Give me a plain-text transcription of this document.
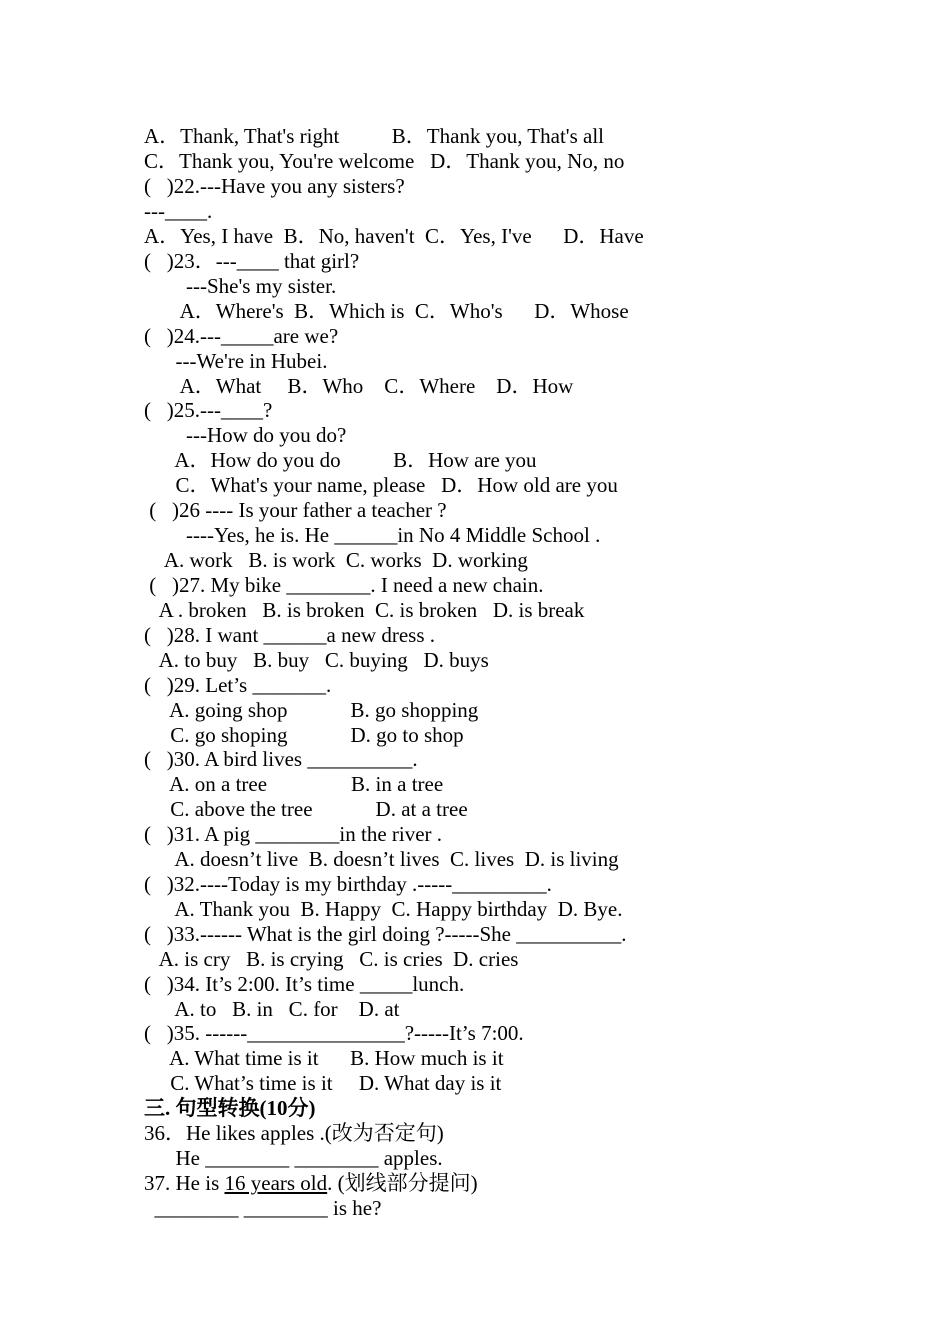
A．Thank, That's right          B．Thank you, That's all
C．Thank you, You're welcome   D．Thank you, No, no
(   )22.---Have you any sisters?
---____.
A．Yes, I have  B．No, haven't  C．Yes, I've      D．Have
(   )23．---____ that girl?
---She's my sister.
A．Where's  B．Which is  C．Who's      D．Whose
(   )24.---_____are we?
---We're in Hubei.
A．What     B．Who    C．Where    D．How
(   )25.---____?
---How do you do?
A．How do you do          B．How are you
C．What's your name, please   D．How old are you
(   )26 ---- Is your father a teacher ?
----Yes, he is. He ______in No 4 Middle School .
A. work   B. is work  C. works  D. working
(   )27. My bike ________. I need a new chain.
A . broken   B. is broken  C. is broken   D. is break
(   )28. I want ______a new dress .
A. to buy   B. buy   C. buying   D. buys
(   )29. Let’s _______.
A. going shop            B. go shopping
C. go shoping            D. go to shop
(   )30. A bird lives __________.
A. on a tree                B. in a tree
C. above the tree            D. at a tree
(   )31. A pig ________in the river .
A. doesn’t live  B. doesn’t lives  C. lives  D. is living
(   )32.----Today is my birthday .-----_________.
A. Thank you  B. Happy  C. Happy birthday  D. Bye.
(   )33.------ What is the girl doing ?-----She __________.
A. is cry   B. is crying   C. is cries  D. cries
(   )34. It’s 2:00. It’s time _____lunch.
A. to   B. in   C. for    D. at
(   )35. ------_______________?-----It’s 7:00.
A. What time is it      B. How much is it
C. What’s time is it     D. What day is it
三. 句型转换(10分)
36．He likes apples .(改为否定句)
He ________ ________ apples.
37. He is 16 years old. (划线部分提问)
________ ________ is he?
